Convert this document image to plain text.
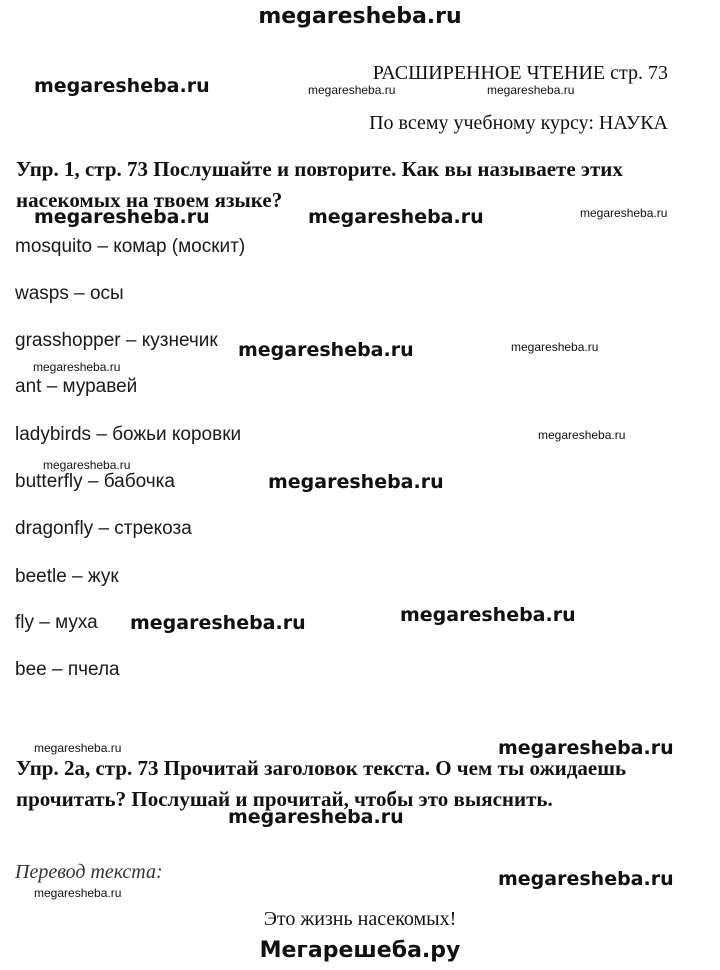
megaresheba.ru
РАСШИРЕННОЕ ЧТЕНИЕ стр. 73
По всему учебному курсу: НАУКА
Упр. 1, стр. 73 Послушайте и повторите. Как вы называете этих насекомых на твоем языке?
mosquito – комар (москит)
wasps – осы
grasshopper – кузнечик
ant – муравей
ladybirds – божьи коровки
butterfly – бабочка
dragonfly – стрекоза
beetle – жук
fly – муха
bee – пчела
Упр. 2а, стр. 73 Прочитай заголовок текста. О чем ты ожидаешь прочитать? Послушай и прочитай, чтобы это выяснить.
Перевод текста:
Это жизнь насекомых!
Мегарешеба.ру
megaresheba.ru
megaresheba.ru	megaresheba.ru
megaresheba.ru
megaresheba.ru
megaresheba.ru	megaresheba.ru
megaresheba.ru
megaresheba.ru
megaresheba.ru
megaresheba.ru	megaresheba.ru
megaresheba.ru
megaresheba.ru
megaresheba.ru
megaresheba.ru
megaresheba.ru
megaresheba.ru
megaresheba.ru
